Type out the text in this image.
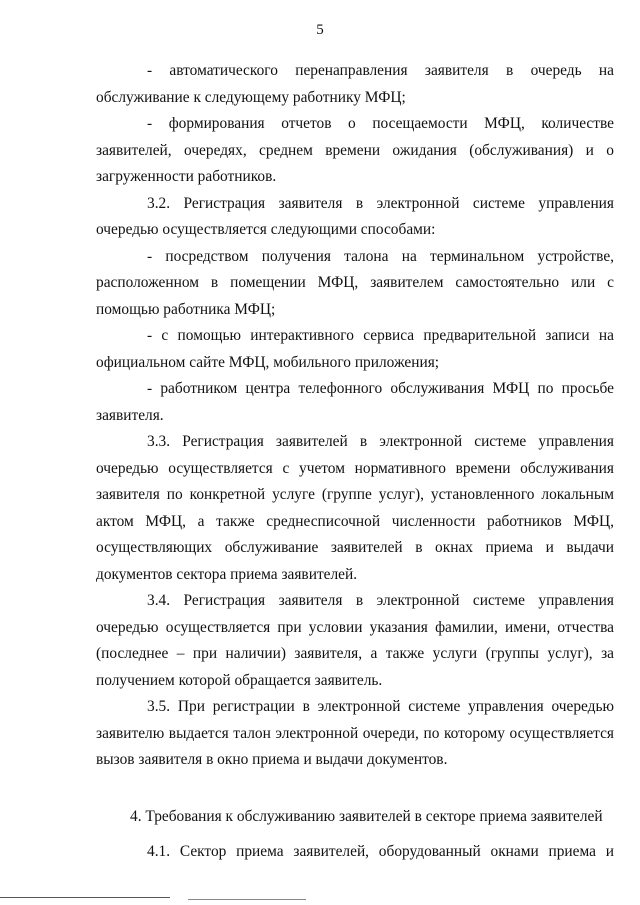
5

- автоматического перенаправления заявителя в очередь на обслуживание к следующему работнику МФЦ;

- формирования отчетов о посещаемости МФЦ, количестве заявителей, очередях, среднем времени ожидания (обслуживания) и о загруженности работников.

3.2. Регистрация заявителя в электронной системе управления очередью осуществляется следующими способами:

- посредством получения талона на терминальном устройстве, расположенном в помещении МФЦ, заявителем самостоятельно или с помощью работника МФЦ;

- с помощью интерактивного сервиса предварительной записи на официальном сайте МФЦ, мобильного приложения;

- работником центра телефонного обслуживания МФЦ по просьбе заявителя.

3.3. Регистрация заявителей в электронной системе управления очередью осуществляется с учетом нормативного времени обслуживания заявителя по конкретной услуге (группе услуг), установленного локальным актом МФЦ, а также среднесписочной численности работников МФЦ, осуществляющих обслуживание заявителей в окнах приема и выдачи документов сектора приема заявителей.

3.4. Регистрация заявителя в электронной системе управления очередью осуществляется при условии указания фамилии, имени, отчества (последнее – при наличии) заявителя, а также услуги (группы услуг), за получением которой обращается заявитель.

3.5. При регистрации в электронной системе управления очередью заявителю выдается талон электронной очереди, по которому осуществляется вызов заявителя в окно приема и выдачи документов.

4. Требования к обслуживанию заявителей в секторе приема заявителей

4.1. Сектор приема заявителей, оборудованный окнами приема и
